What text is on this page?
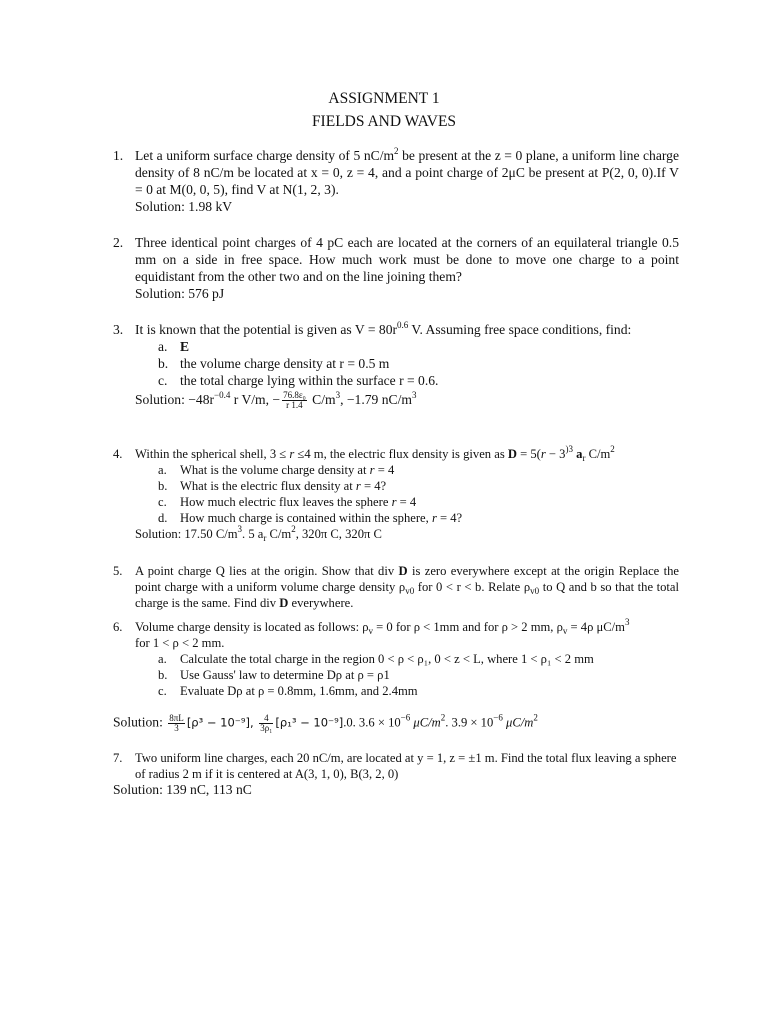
ASSIGNMENT 1
FIELDS AND WAVES
1. Let a uniform surface charge density of 5 $nC/m^2$ be present at the z = 0 plane, a uniform line charge density of 8 nC/m be located at x = 0, z = 4, and a point charge of 2μC be present at P(2, 0, 0).If V = 0 at M(0, 0, 5), find V at N(1, 2, 3).
Solution: 1.98 kV
2. Three identical point charges of 4 pC each are located at the corners of an equilateral triangle 0.5 mm on a side in free space. How much work must be done to move one charge to a point equidistant from the other two and on the line joining them?
Solution: 576 pJ
3. It is known that the potential is given as $V = 80r^{0.6}$ V. Assuming free space conditions, find:
a. E
b. the volume charge density at r = 0.5 m
c. the total charge lying within the surface r = 0.6.
Solution: $-48r^{-0.4}$ r V/m, − $\frac{\text{76.8ε₀}}{r 1.4} C/m^3$, −1.79 $nC/m^3$
4. Within the spherical shell, 3 ≤ r ≤4 m, the electric flux density is given as $D = 5(r - 3^{)3}$ $a_r$ $C/m^2$
a.	What is the volume charge density at r = 4
b. What is the electric flux density at r = 4?
c.	How much electric flux leaves the sphere r = 4
d. How much charge is contained within the sphere, r = 4?
Solution: 17.50 $C/m^3$. 5 $a_r$ $C/m^2$, 320π C, 320π C
5. A point charge Q lies at the origin. Show that div D is zero everywhere except at the origin Replace the point charge with a uniform volume charge density $\rho_{v0}$ for 0 < r < b. Relate $\rho_{v0}$ to Q and b so that the total charge is the same. Find div D everywhere.
6. Volume charge density is located as follows: $\rho_v = 0$ for ρ < 1mm and for ρ > 2 mm, $\rho_v = 4\rho$ $\mu C/m^3$
for 1 < ρ < 2 mm.
a.	Calculate the total charge in the region 0 < ρ < ρ₁, 0 < z < L, where 1 < ρ₁ < 2 mm
b. Use Gauss' law to determine Dρ at ρ = ρ1
c.	Evaluate Dρ at ρ = 0.8mm, 1.6mm, and 2.4mm
Solution: $\frac{8\pi L}{3} [\rho^3 - 10^{-9}]$, $\frac{4}{\text{3ρ₁}} [\rho_1^3 - 10^{-9}].0$. $3.6 \times 10^{-6}$ $\mu C/m^2$. $3.9 \times 10^{-6}$ $\mu C/m^2$
7. Two uniform line charges, each 20 nC/m, are located at y = 1, z = ±1 m. Find the total flux leaving a sphere of radius 2 m if it is centered at A(3, 1, 0), B(3, 2, 0)
Solution: 139 nC, 113 nC
